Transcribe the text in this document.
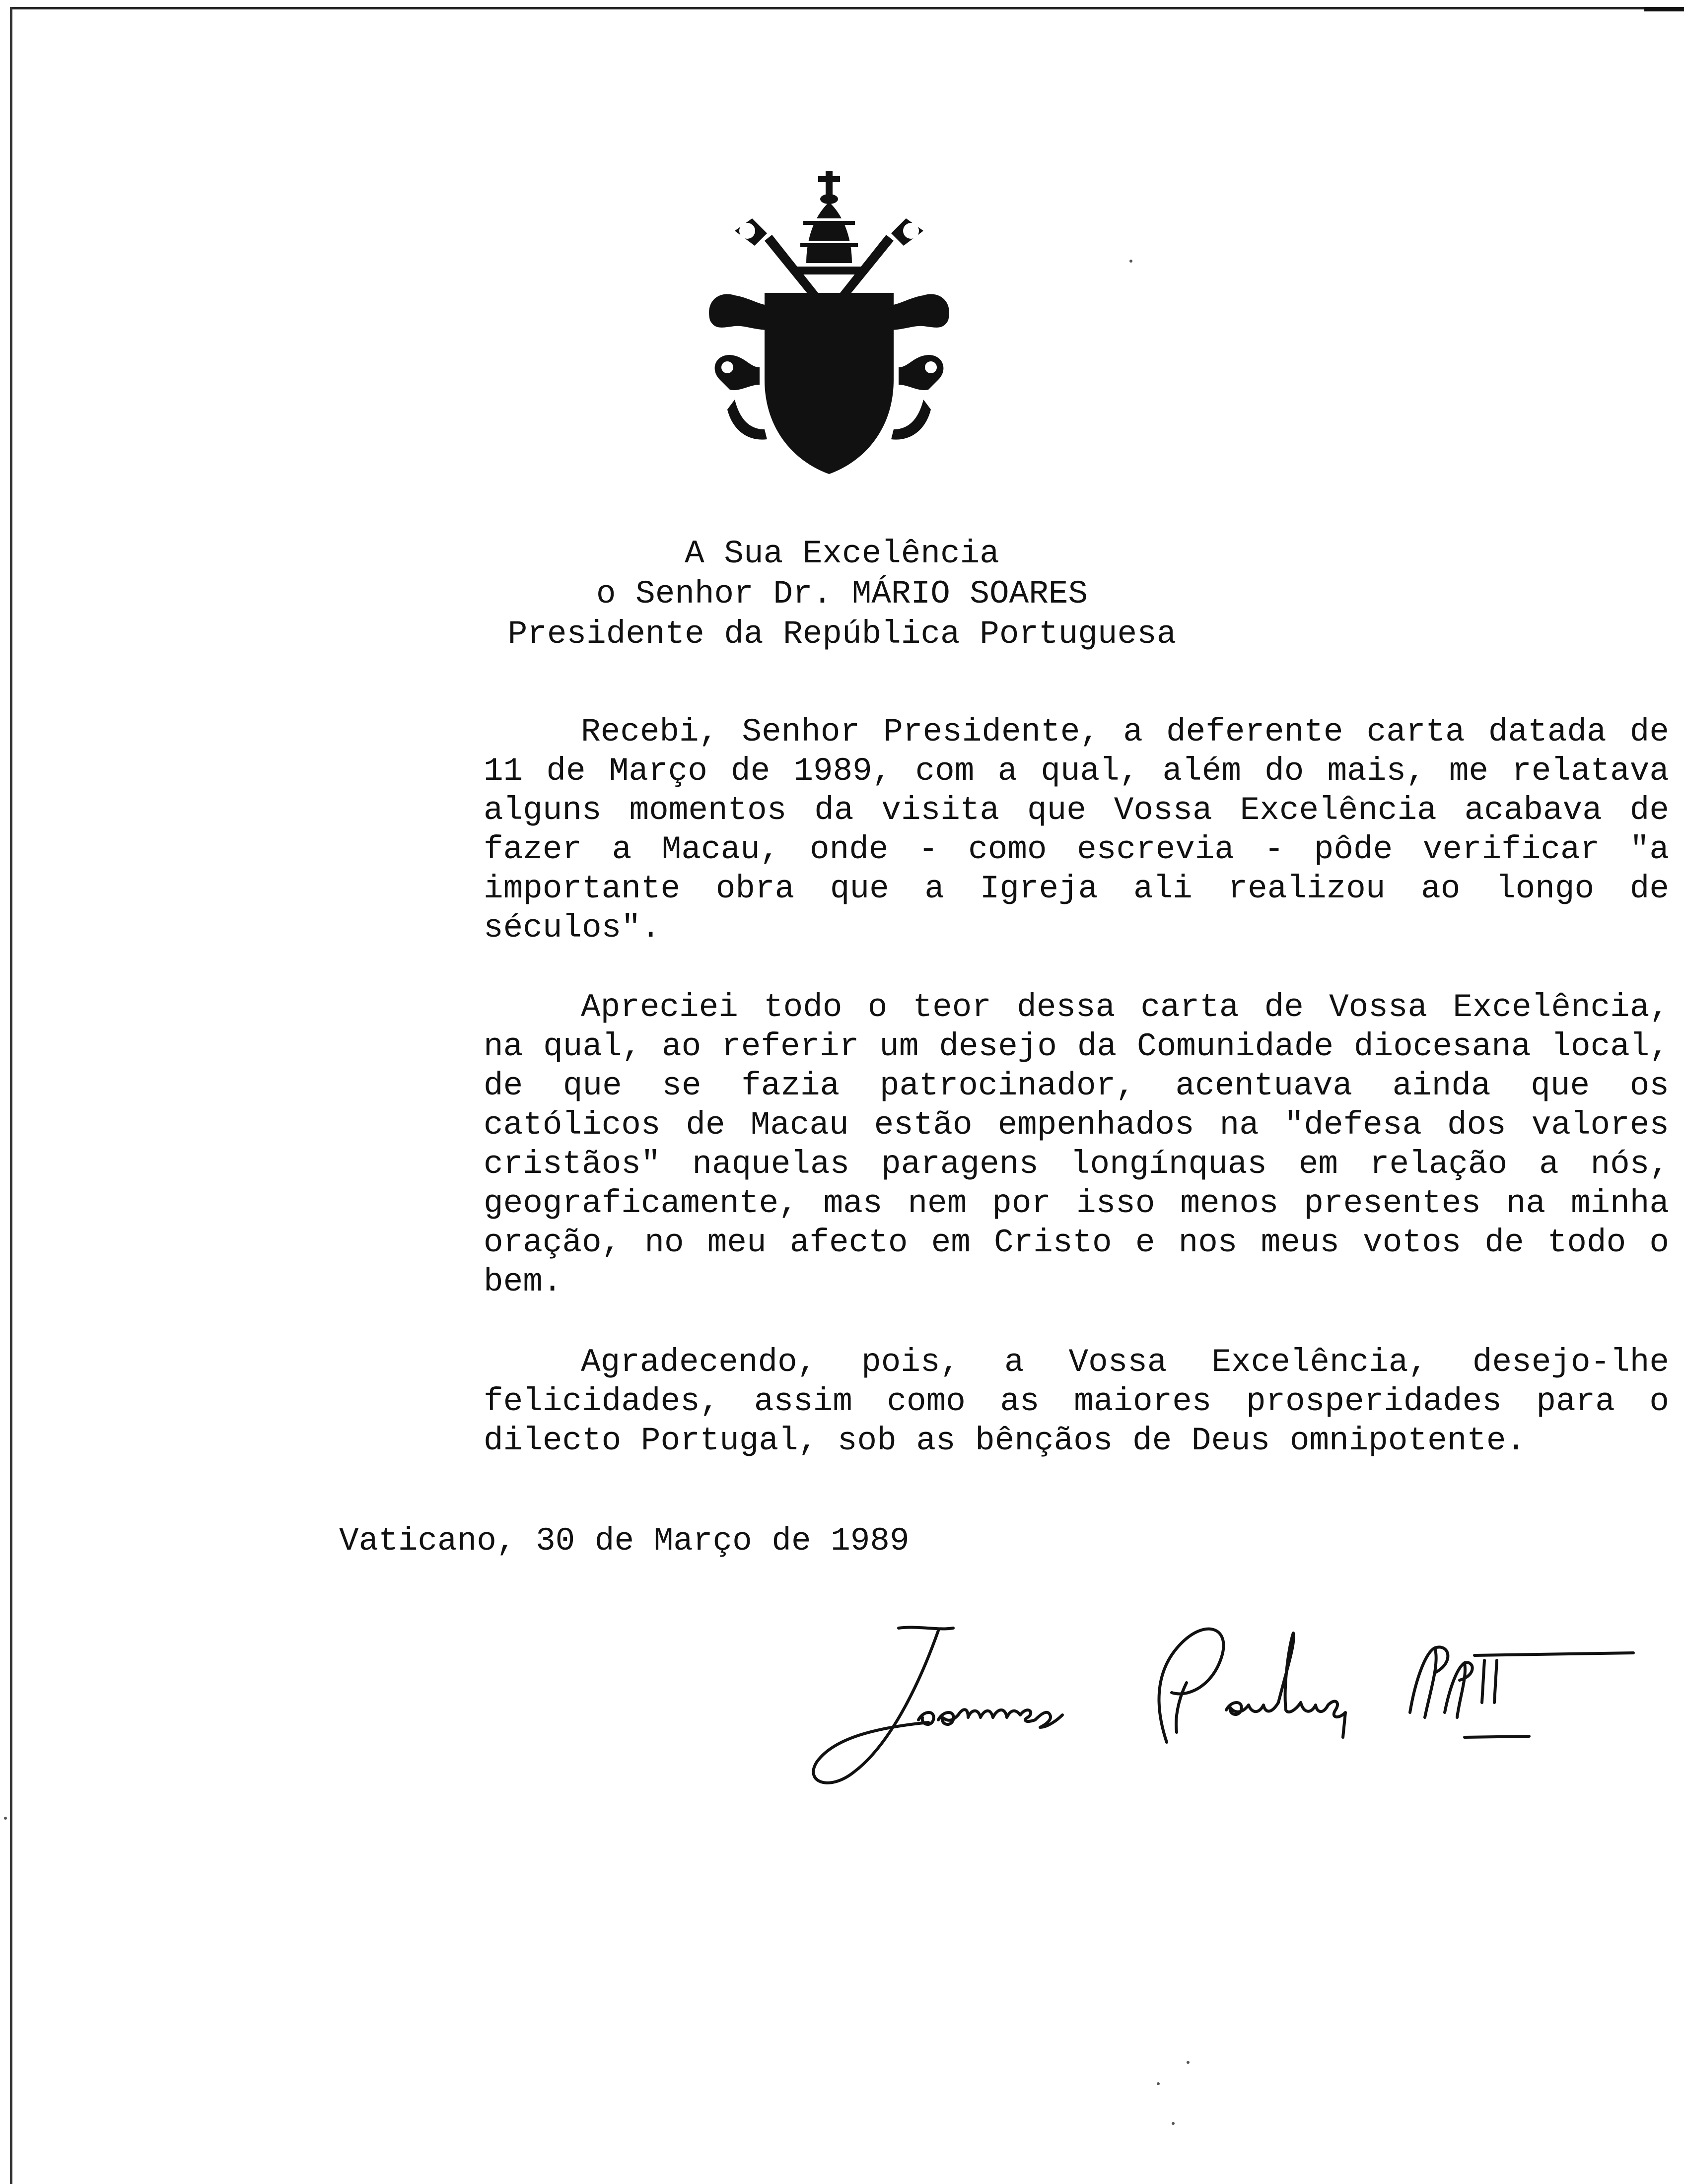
A Sua Excelência
o Senhor Dr. MÁRIO SOARES
Presidente da República Portuguesa

Recebi, Senhor Presidente, a deferente carta datada de 11 de Março de 1989, com a qual, além do mais, me relatava alguns momentos da visita que Vossa Excelência acabava de fazer a Macau, onde - como escrevia - pôde verificar "a importante obra que a Igreja ali realizou ao longo de séculos".

Apreciei todo o teor dessa carta de Vossa Excelência, na qual, ao referir um desejo da Comunidade diocesana local, de que se fazia patrocinador, acentuava ainda que os católicos de Macau estão empenhados na "defesa dos valores cristãos" naquelas paragens longínquas em relação a nós, geograficamente, mas nem por isso menos presentes na minha oração, no meu afecto em Cristo e nos meus votos de todo o bem.

Agradecendo, pois, a Vossa Excelência, desejo-lhe felicidades, assim como as maiores prosperidades para o dilecto Portugal, sob as bênçãos de Deus omnipotente.

Vaticano, 30 de Março de 1989
